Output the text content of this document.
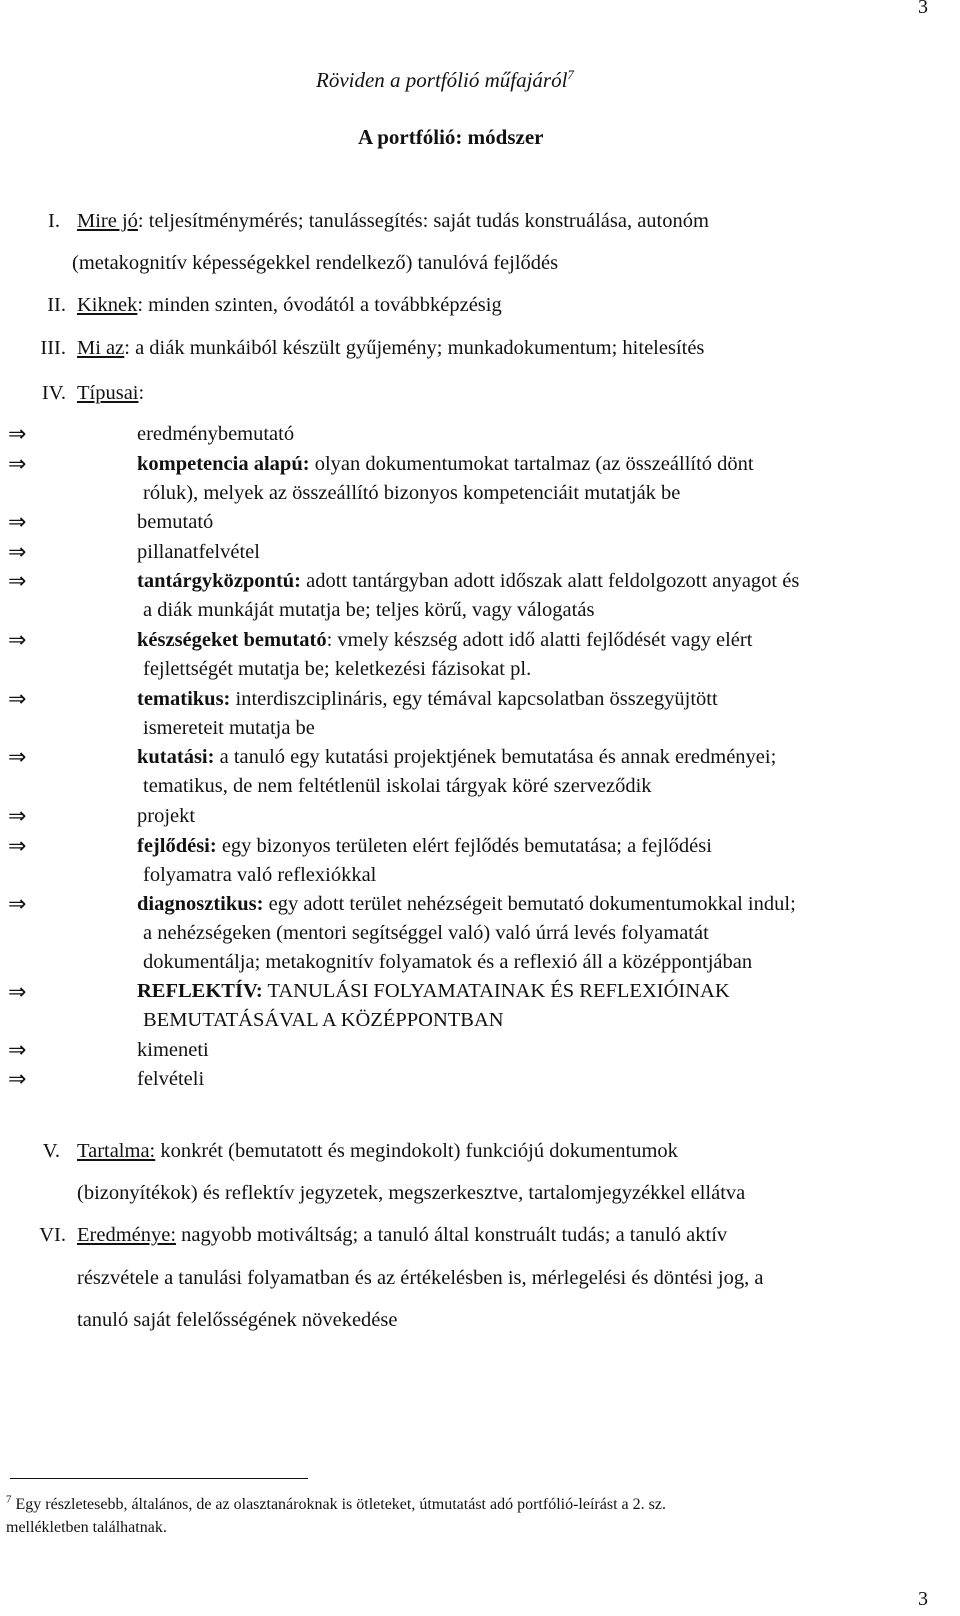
3
3
Röviden a portfólió műfajáról$^7$
A portfólió: módszer
I. Mire jó: teljesítménymérés; tanulássegítés: saját tudás konstruálása, autonóm
(metakognitív képességekkel rendelkező) tanulóvá fejlődés
II. Kiknek: minden szinten, óvodától a továbbképzésig
III. Mi az: a diák munkáiból készült gyűjemény; munkadokumentum; hitelesítés
IV. Típusai:
⇒	eredménybemutató
⇒	kompetencia alapú: olyan dokumentumokat tartalmaz (az összeállító dönt
róluk), melyek az összeállító bizonyos kompetenciáit mutatják be
⇒	bemutató
⇒	pillanatfelvétel
⇒	tantárgyközpontú: adott tantárgyban adott időszak alatt feldolgozott anyagot és
a diák munkáját mutatja be; teljes körű, vagy válogatás
⇒	készségeket bemutató: vmely készség adott idő alatti fejlődését vagy elért
fejlettségét mutatja be; keletkezési fázisokat pl.
⇒	tematikus: interdiszciplináris, egy témával kapcsolatban összegyüjtött
ismereteit mutatja be
⇒	kutatási: a tanuló egy kutatási projektjének bemutatása és annak eredményei;
tematikus, de nem feltétlenül iskolai tárgyak köré szerveződik
⇒	projekt
⇒	fejlődési: egy bizonyos területen elért fejlődés bemutatása; a fejlődési
folyamatra való reflexiókkal
⇒	diagnosztikus: egy adott terület nehézségeit bemutató dokumentumokkal indul;
a nehézségeken (mentori segítséggel való) való úrrá levés folyamatát
dokumentálja; metakognitív folyamatok és a reflexió áll a középpontjában
⇒	REFLEKTÍV: TANULÁSI FOLYAMATAINAK ÉS REFLEXIÓINAK
BEMUTATÁSÁVAL A KÖZÉPPONTBAN
⇒	kimeneti
⇒	felvételi
V. Tartalma: konkrét (bemutatott és megindokolt) funkciójú dokumentumok
(bizonyítékok) és reflektív jegyzetek, megszerkesztve, tartalomjegyzékkel ellátva
VI. Eredménye: nagyobb motiváltság; a tanuló által konstruált tudás; a tanuló aktív
részvétele a tanulási folyamatban és az értékelésben is, mérlegelési és döntési jog, a
tanuló saját felelősségének növekedése
$^7$ Egy részletesebb, általános, de az olasztanároknak is ötleteket, útmutatást adó portfólió-leírást a 2. sz.
mellékletben találhatnak.
